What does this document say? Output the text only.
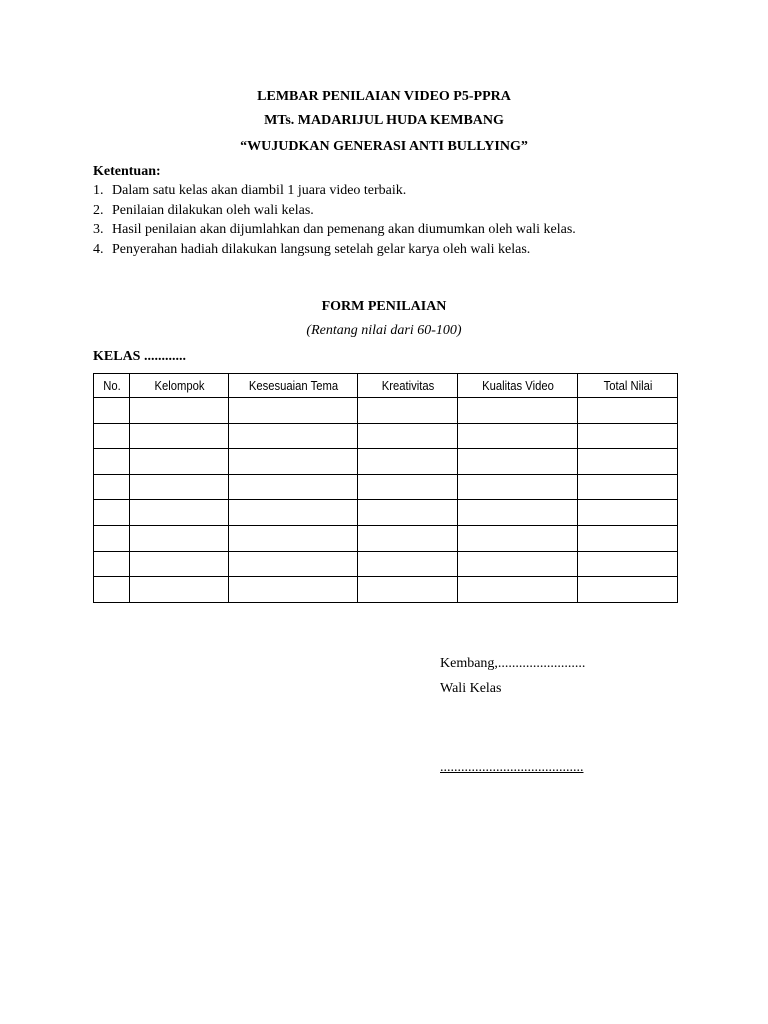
LEMBAR PENILAIAN VIDEO P5-PPRA
MTs. MADARIJUL HUDA KEMBANG
“WUJUDKAN GENERASI ANTI BULLYING”
Ketentuan:
1. Dalam satu kelas akan diambil 1 juara video terbaik.
2. Penilaian dilakukan oleh wali kelas.
3. Hasil penilaian akan dijumlahkan dan pemenang akan diumumkan oleh wali kelas.
4. Penyerahan hadiah dilakukan langsung setelah gelar karya oleh wali kelas.
FORM PENILAIAN
(Rentang nilai dari 60-100)
KELAS ............
No.	Kelompok	Kesesuaian Tema	Kreativitas	Kualitas Video	Total Nilai

Kembang,.........................
Wali Kelas
.........................................
